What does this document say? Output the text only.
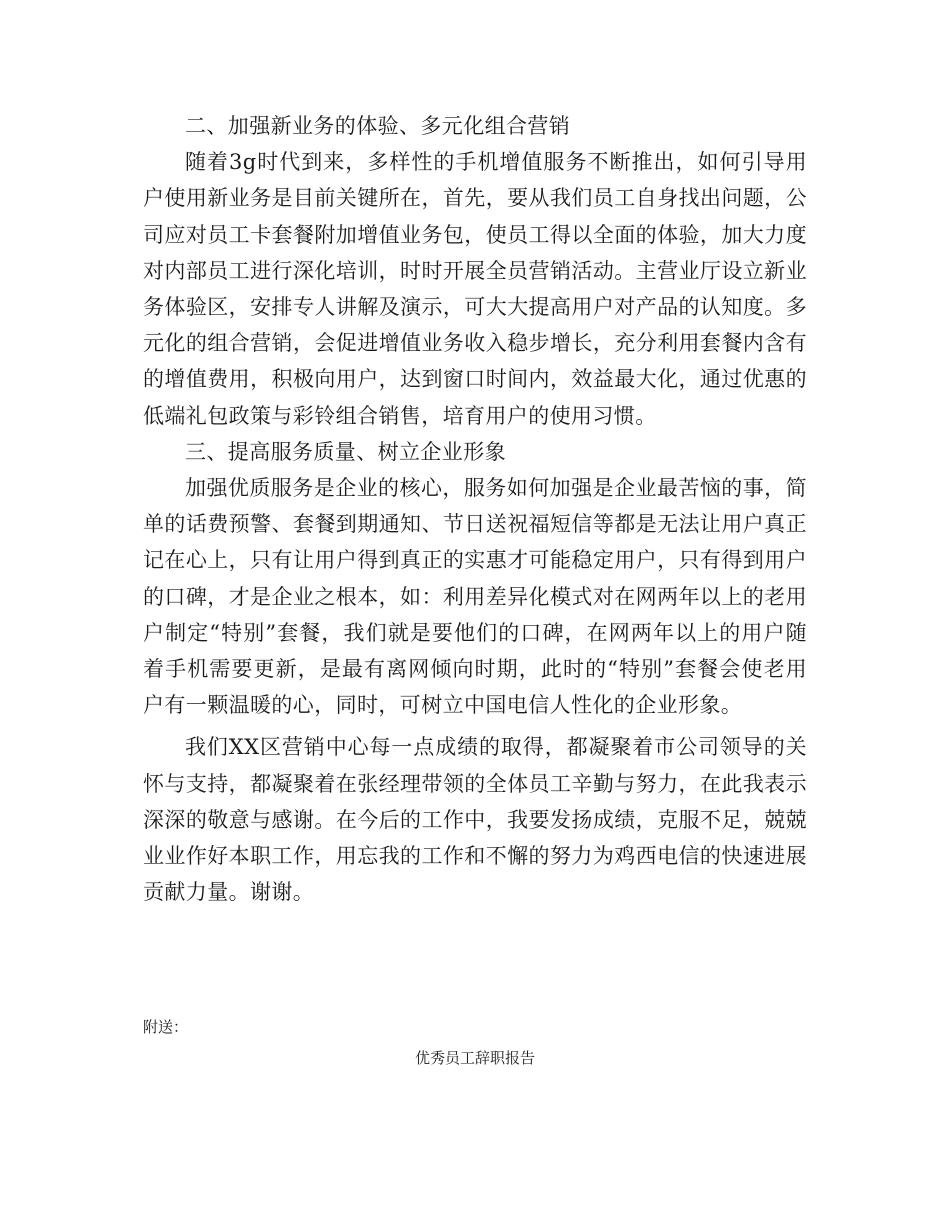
二、加强新业务的体验、多元化组合营销

随着3g时代到来，多样性的手机增值服务不断推出，如何引导用户使用新业务是目前关键所在，首先，要从我们员工自身找出问题，公司应对员工卡套餐附加增值业务包，使员工得以全面的体验，加大力度对内部员工进行深化培训，时时开展全员营销活动。主营业厅设立新业务体验区，安排专人讲解及演示，可大大提高用户对产品的认知度。多元化的组合营销，会促进增值业务收入稳步增长，充分利用套餐内含有的增值费用，积极向用户，达到窗口时间内，效益最大化，通过优惠的低端礼包政策与彩铃组合销售，培育用户的使用习惯。

三、提高服务质量、树立企业形象

加强优质服务是企业的核心，服务如何加强是企业最苦恼的事，简单的话费预警、套餐到期通知、节日送祝福短信等都是无法让用户真正记在心上，只有让用户得到真正的实惠才可能稳定用户，只有得到用户的口碑，才是企业之根本，如：利用差异化模式对在网两年以上的老用户制定“特别”套餐，我们就是要他们的口碑，在网两年以上的用户随着手机需要更新，是最有离网倾向时期，此时的“特别”套餐会使老用户有一颗温暖的心，同时，可树立中国电信人性化的企业形象。

我们XX区营销中心每一点成绩的取得，都凝聚着市公司领导的关怀与支持，都凝聚着在张经理带领的全体员工辛勤与努力，在此我表示深深的敬意与感谢。在今后的工作中，我要发扬成绩，克服不足，兢兢业业作好本职工作，用忘我的工作和不懈的努力为鸡西电信的快速进展贡献力量。谢谢。

附送：
优秀员工辞职报告
